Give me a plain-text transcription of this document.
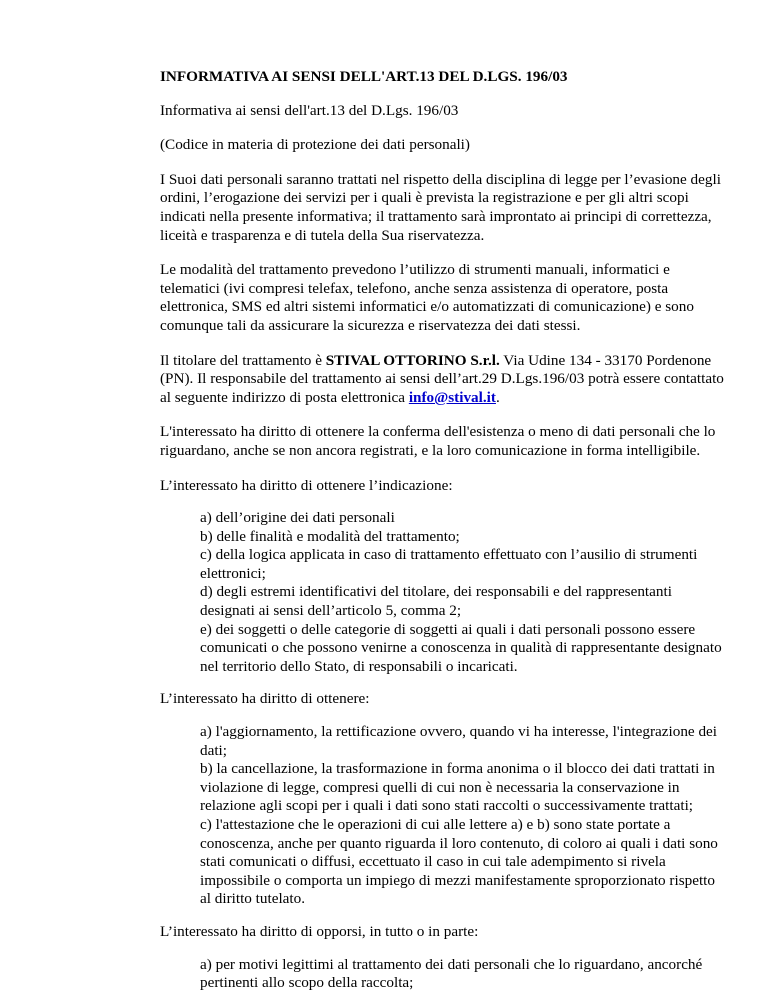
INFORMATIVA AI SENSI DELL'ART.13 DEL D.LGS. 196/03

Informativa ai sensi dell'art.13 del D.Lgs. 196/03

(Codice in materia di protezione dei dati personali)

I Suoi dati personali saranno trattati nel rispetto della disciplina di legge per l’evasione degli ordini, l’erogazione dei servizi per i quali è prevista la registrazione e per gli altri scopi indicati nella presente informativa; il trattamento sarà improntato ai principi di correttezza, liceità e trasparenza e di tutela della Sua riservatezza.

Le modalità del trattamento prevedono l’utilizzo di strumenti manuali, informatici e telematici (ivi compresi telefax, telefono, anche senza assistenza di operatore, posta elettronica, SMS ed altri sistemi informatici e/o automatizzati di comunicazione) e sono comunque tali da assicurare la sicurezza e riservatezza dei dati stessi.

Il titolare del trattamento è STIVAL OTTORINO S.r.l. Via Udine 134 - 33170 Pordenone (PN). Il responsabile del trattamento ai sensi dell’art.29 D.Lgs.196/03 potrà essere contattato al seguente indirizzo di posta elettronica info@stival.it.

L'interessato ha diritto di ottenere la conferma dell'esistenza o meno di dati personali che lo riguardano, anche se non ancora registrati, e la loro comunicazione in forma intelligibile.

L’interessato ha diritto di ottenere l’indicazione:

a) dell’origine dei dati personali
b) delle finalità e modalità del trattamento;
c) della logica applicata in caso di trattamento effettuato con l’ausilio di strumenti elettronici;
d) degli estremi identificativi del titolare, dei responsabili e del rappresentanti designati ai sensi dell’articolo 5, comma 2;
e) dei soggetti o delle categorie di soggetti ai quali i dati personali possono essere comunicati o che possono venirne a conoscenza in qualità di rappresentante designato nel territorio dello Stato, di responsabili o incaricati.

L’interessato ha diritto di ottenere:

a) l'aggiornamento, la rettificazione ovvero, quando vi ha interesse, l'integrazione dei dati;
b) la cancellazione, la trasformazione in forma anonima o il blocco dei dati trattati in violazione di legge, compresi quelli di cui non è necessaria la conservazione in relazione agli scopi per i quali i dati sono stati raccolti o successivamente trattati;
c) l'attestazione che le operazioni di cui alle lettere a) e b) sono state portate a conoscenza, anche per quanto riguarda il loro contenuto, di coloro ai quali i dati sono stati comunicati o diffusi, eccettuato il caso in cui tale adempimento si rivela impossibile o comporta un impiego di mezzi manifestamente sproporzionato rispetto al diritto tutelato.

L’interessato ha diritto di opporsi, in tutto o in parte:

a) per motivi legittimi al trattamento dei dati personali che lo riguardano, ancorché pertinenti allo scopo della raccolta;
